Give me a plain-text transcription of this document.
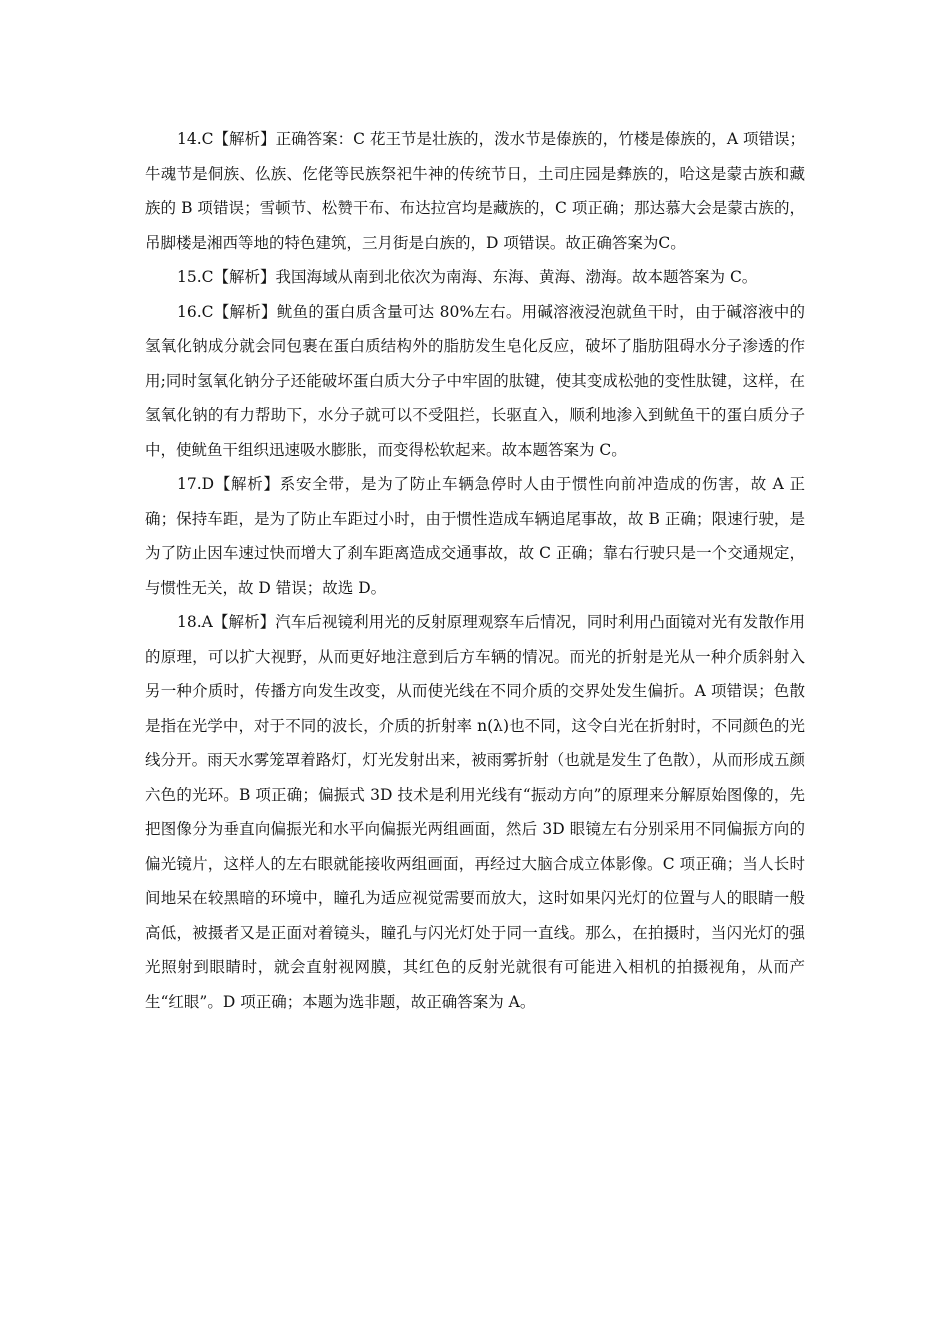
14.C【解析】正确答案：C 花王节是壮族的，泼水节是傣族的，竹楼是傣族的，A 项错误；牛魂节是侗族、仫族、仡佬等民族祭祀牛神的传统节日，土司庄园是彝族的，哈这是蒙古族和藏族的 B 项错误；雪顿节、松赞干布、布达拉宫均是藏族的，C 项正确；那达慕大会是蒙古族的，吊脚楼是湘西等地的特色建筑，三月街是白族的，D 项错误。故正确答案为C。

15.C【解析】我国海域从南到北依次为南海、东海、黄海、渤海。故本题答案为 C。

16.C【解析】鱿鱼的蛋白质含量可达 80%左右。用碱溶液浸泡就鱼干时，由于碱溶液中的氢氧化钠成分就会同包裹在蛋白质结构外的脂肪发生皂化反应，破坏了脂肪阻碍水分子渗透的作用;同时氢氧化钠分子还能破坏蛋白质大分子中牢固的肽键，使其变成松弛的变性肽键，这样，在氢氧化钠的有力帮助下，水分子就可以不受阻拦，长驱直入，顺利地渗入到鱿鱼干的蛋白质分子中，使鱿鱼干组织迅速吸水膨胀，而变得松软起来。故本题答案为 C。

17.D【解析】系安全带，是为了防止车辆急停时人由于惯性向前冲造成的伤害，故 A 正确；保持车距，是为了防止车距过小时，由于惯性造成车辆追尾事故，故 B 正确；限速行驶，是为了防止因车速过快而增大了刹车距离造成交通事故，故 C 正确；靠右行驶只是一个交通规定，与惯性无关，故 D 错误；故选 D。

18.A【解析】汽车后视镜利用光的反射原理观察车后情况，同时利用凸面镜对光有发散作用的原理，可以扩大视野，从而更好地注意到后方车辆的情况。而光的折射是光从一种介质斜射入另一种介质时，传播方向发生改变，从而使光线在不同介质的交界处发生偏折。A 项错误；色散是指在光学中，对于不同的波长，介质的折射率 n(λ)也不同，这令白光在折射时，不同颜色的光线分开。雨天水雾笼罩着路灯，灯光发射出来，被雨雾折射（也就是发生了色散），从而形成五颜六色的光环。B 项正确；偏振式 3D 技术是利用光线有“振动方向”的原理来分解原始图像的，先把图像分为垂直向偏振光和水平向偏振光两组画面，然后 3D 眼镜左右分别采用不同偏振方向的偏光镜片，这样人的左右眼就能接收两组画面，再经过大脑合成立体影像。C 项正确；当人长时间地呆在较黑暗的环境中，瞳孔为适应视觉需要而放大，这时如果闪光灯的位置与人的眼睛一般高低，被摄者又是正面对着镜头，瞳孔与闪光灯处于同一直线。那么，在拍摄时，当闪光灯的强光照射到眼睛时，就会直射视网膜，其红色的反射光就很有可能进入相机的拍摄视角，从而产生“红眼”。D 项正确；本题为选非题，故正确答案为 A。
